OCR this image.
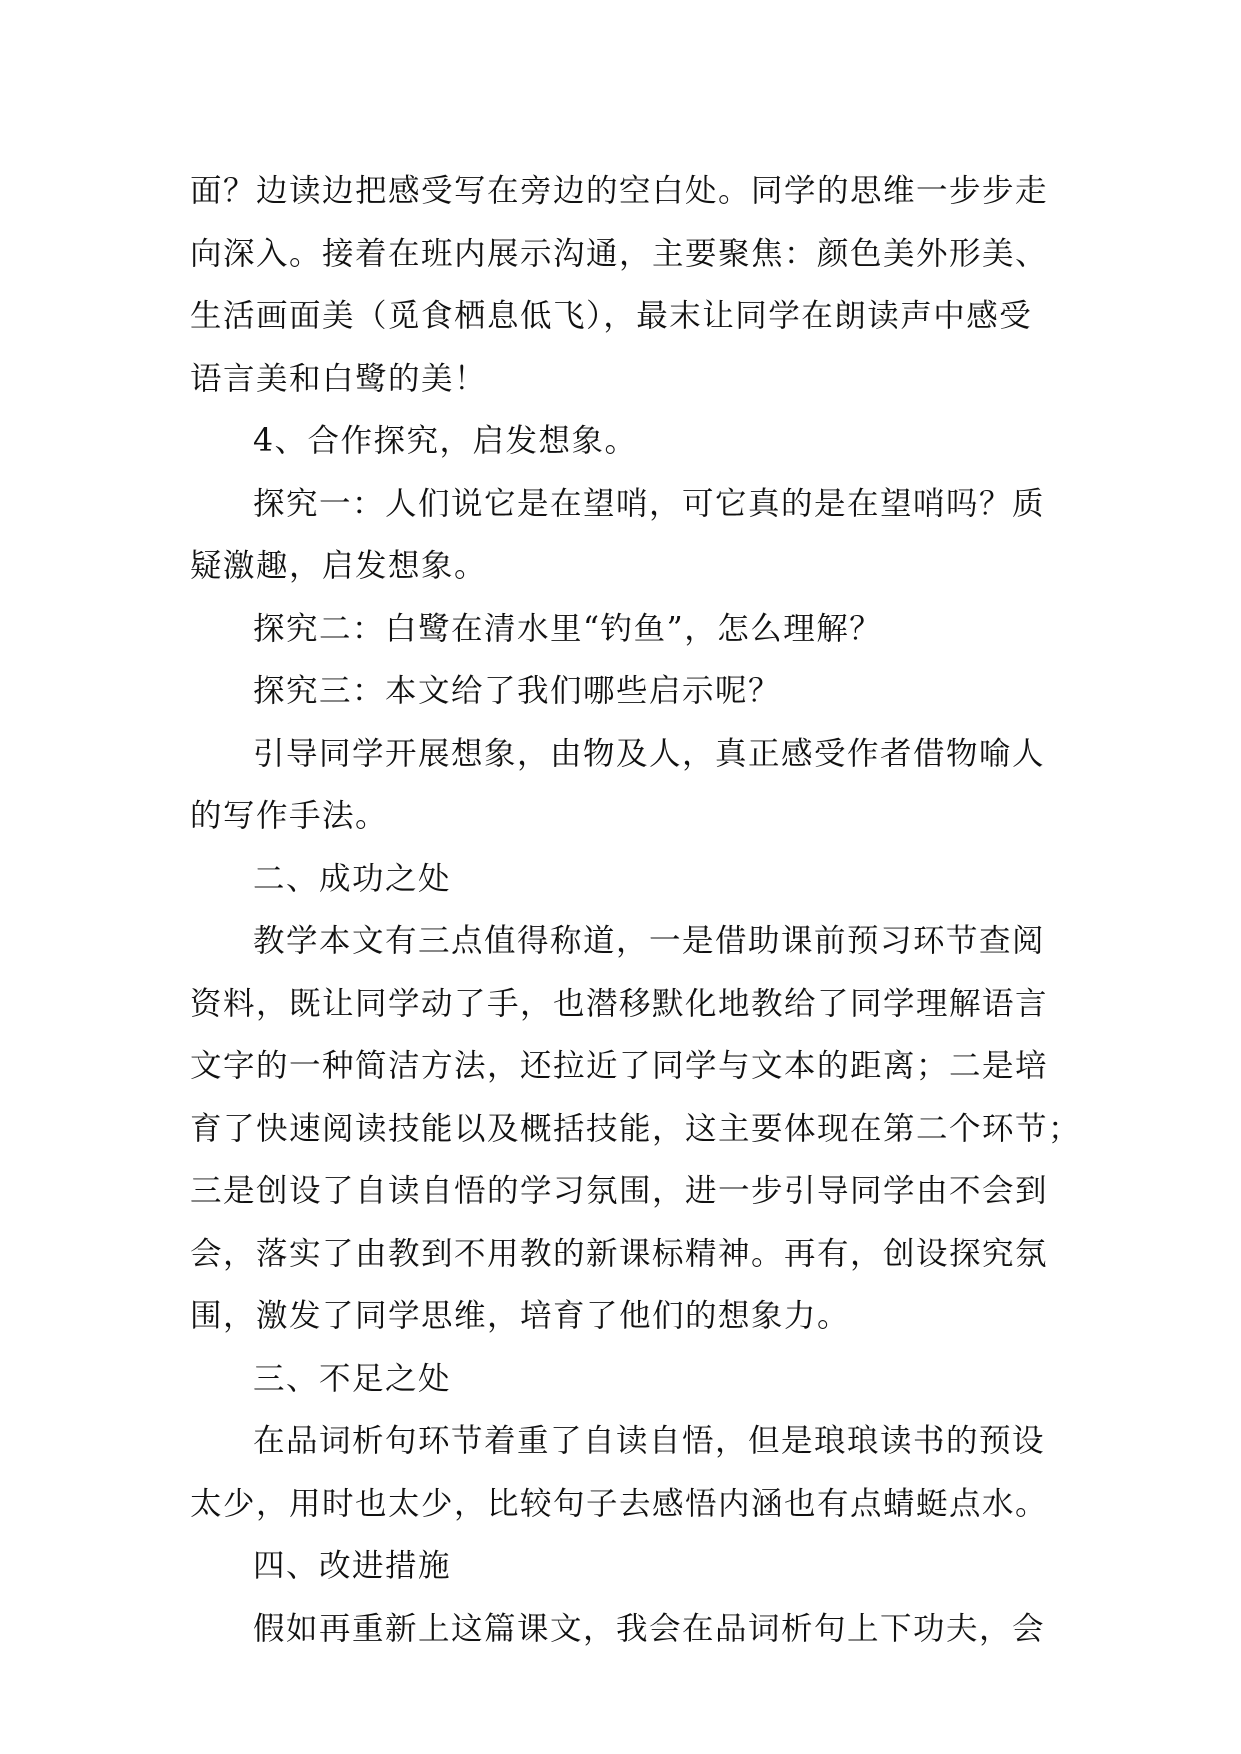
面？边读边把感受写在旁边的空白处。同学的思维一步步走
向深入。接着在班内展示沟通，主要聚焦：颜色美外形美、
生活画面美（觅食栖息低飞），最末让同学在朗读声中感受
语言美和白鹭的美！
4、合作探究，启发想象。
探究一：人们说它是在望哨，可它真的是在望哨吗？质
疑激趣，启发想象。
探究二：白鹭在清水里“钓鱼”，怎么理解？
探究三：本文给了我们哪些启示呢？
引导同学开展想象，由物及人，真正感受作者借物喻人
的写作手法。
二、成功之处
教学本文有三点值得称道，一是借助课前预习环节查阅
资料，既让同学动了手，也潜移默化地教给了同学理解语言
文字的一种简洁方法，还拉近了同学与文本的距离；二是培
育了快速阅读技能以及概括技能，这主要体现在第二个环节；
三是创设了自读自悟的学习氛围，进一步引导同学由不会到
会，落实了由教到不用教的新课标精神。再有，创设探究氛
围，激发了同学思维，培育了他们的想象力。
三、不足之处
在品词析句环节着重了自读自悟，但是琅琅读书的预设
太少，用时也太少，比较句子去感悟内涵也有点蜻蜓点水。
四、改进措施
假如再重新上这篇课文，我会在品词析句上下功夫，会
